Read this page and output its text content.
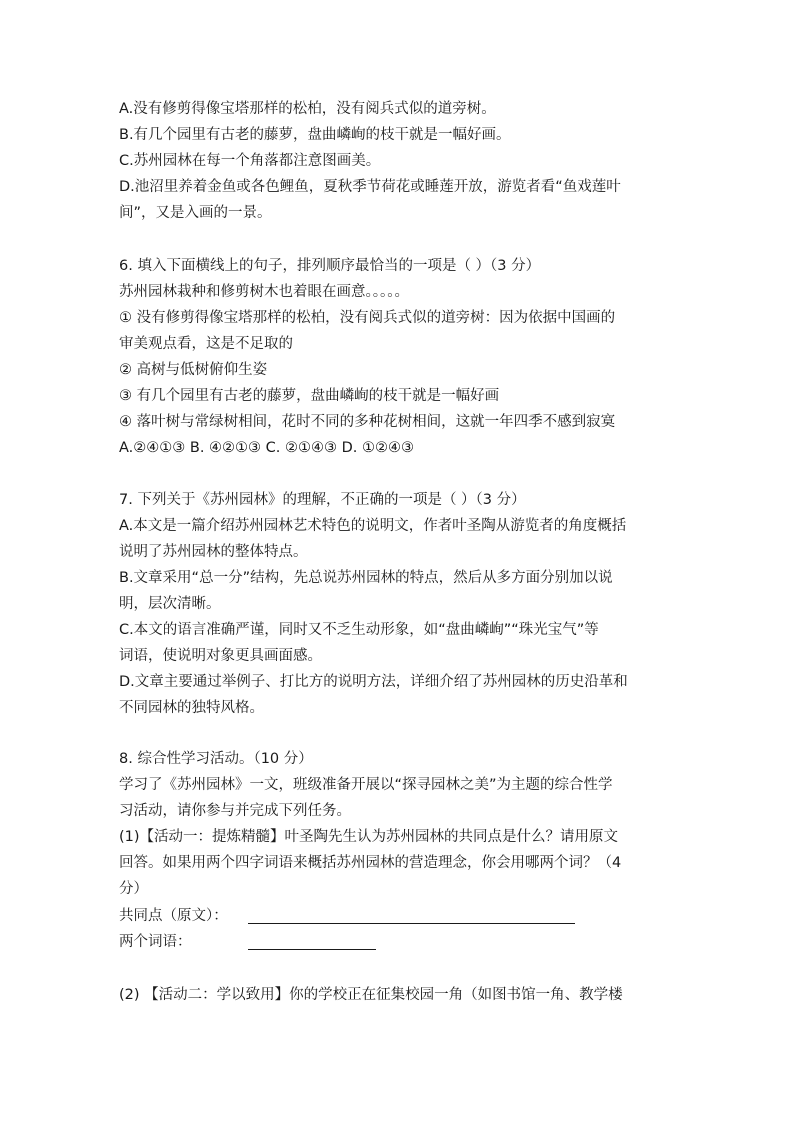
A.没有修剪得像宝塔那样的松柏，没有阅兵式似的道旁树。
B.有几个园里有古老的藤萝，盘曲嶙峋的枝干就是一幅好画。
C.苏州园林在每一个角落都注意图画美。
D.池沼里养着金鱼或各色鲤鱼，夏秋季节荷花或睡莲开放，游览者看“鱼戏莲叶
间”，又是入画的一景。
6. 填入下面横线上的句子，排列顺序最恰当的一项是（ ）（3 分）
苏州园林栽种和修剪树木也着眼在画意。。。。。
① 没有修剪得像宝塔那样的松柏，没有阅兵式似的道旁树：因为依据中国画的
审美观点看，这是不足取的
② 高树与低树俯仰生姿
③ 有几个园里有古老的藤萝，盘曲嶙峋的枝干就是一幅好画
④ 落叶树与常绿树相间，花时不同的多种花树相间，这就一年四季不感到寂寞
A.②④①③ B. ④②①③ C. ②①④③ D. ①②④③
7. 下列关于《苏州园林》的理解，不正确的一项是（ ）（3 分）
A.本文是一篇介绍苏州园林艺术特色的说明文，作者叶圣陶从游览者的角度概括
说明了苏州园林的整体特点。
B.文章采用“总一分”结构，先总说苏州园林的特点，然后从多方面分别加以说
明，层次清晰。
C.本文的语言准确严谨，同时又不乏生动形象，如“盘曲嶙峋”“珠光宝气”等
词语，使说明对象更具画面感。
D.文章主要通过举例子、打比方的说明方法，详细介绍了苏州园林的历史沿革和
不同园林的独特风格。
8. 综合性学习活动。（10 分）
学习了《苏州园林》一文，班级准备开展以“探寻园林之美”为主题的综合性学
习活动，请你参与并完成下列任务。
(1)【活动一：提炼精髓】叶圣陶先生认为苏州园林的共同点是什么？请用原文
回答。如果用两个四字词语来概括苏州园林的营造理念，你会用哪两个词？（4
分）
共同点（原文）：
两个词语：
(2) 【活动二：学以致用】你的学校正在征集校园一角（如图书馆一角、教学楼
